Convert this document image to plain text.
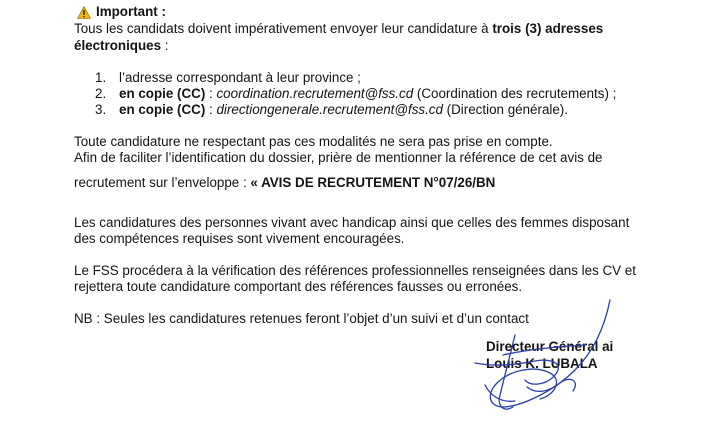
Important :
Tous les candidats doivent impérativement envoyer leur candidature à trois (3) adresses
électroniques :
1. l’adresse correspondant à leur province ;
2. en copie (CC) : coordination.recrutement@fss.cd (Coordination des recrutements) ;
3. en copie (CC) : directiongenerale.recrutement@fss.cd (Direction générale).
Toute candidature ne respectant pas ces modalités ne sera pas prise en compte.
Afin de faciliter l’identification du dossier, prière de mentionner la référence de cet avis de
recrutement sur l’enveloppe : « AVIS DE RECRUTEMENT N°07/26/BN
Les candidatures des personnes vivant avec handicap ainsi que celles des femmes disposant
des compétences requises sont vivement encouragées.
Le FSS procédera à la vérification des références professionnelles renseignées dans les CV et
rejettera toute candidature comportant des références fausses ou erronées.
NB : Seules les candidatures retenues feront l’objet d’un suivi et d’un contact
Directeur Général ai
Louis K. LUBALA
